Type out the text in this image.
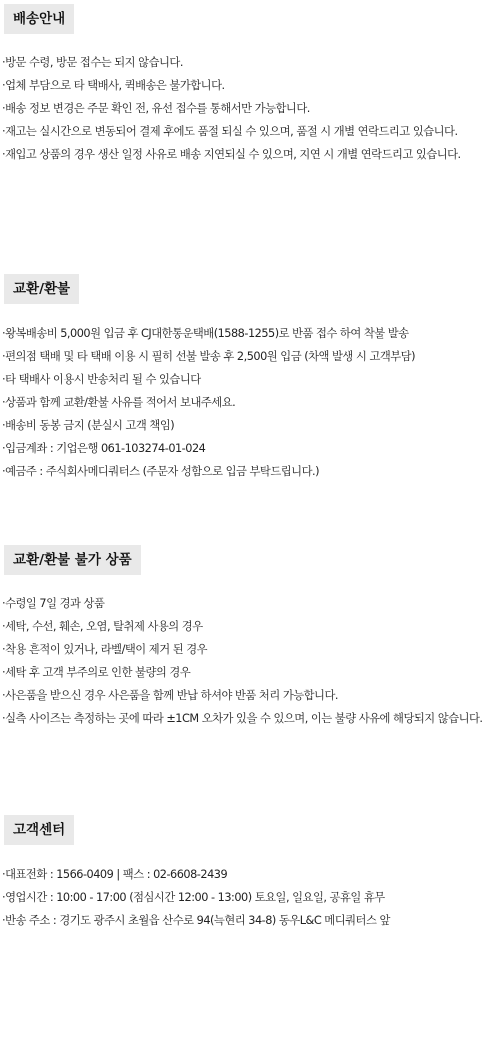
배송안내
·방문 수령, 방문 접수는 되지 않습니다.
·업체 부담으로 타 택배사, 퀵배송은 불가합니다.
·배송 정보 변경은 주문 확인 전, 유선 접수를 통해서만 가능합니다.
·재고는 실시간으로 변동되어 결제 후에도 품절 되실 수 있으며, 품절 시 개별 연락드리고 있습니다.
·재입고 상품의 경우 생산 일정 사유로 배송 지연되실 수 있으며, 지연 시 개별 연락드리고 있습니다.
교환/환불
·왕복배송비 5,000원 입금 후 CJ대한통운택배(1588-1255)로 반품 접수 하여 착불 발송
·편의점 택배 및 타 택배 이용 시 필히 선불 발송 후 2,500원 입금 (차액 발생 시 고객부담)
·타 택배사 이용시 반송처리 될 수 있습니다
·상품과 함께 교환/환불 사유를 적어서 보내주세요.
·배송비 동봉 금지 (분실시 고객 책임)
·입금계좌 : 기업은행 061-103274-01-024
·예금주 : 주식회사메디쿼터스 (주문자 성함으로 입금 부탁드립니다.)
교환/환불 불가 상품
·수령일 7일 경과 상품
·세탁, 수선, 훼손, 오염, 탈취제 사용의 경우
·착용 흔적이 있거나, 라벨/택이 제거 된 경우
·세탁 후 고객 부주의로 인한 불량의 경우
·사은품을 받으신 경우 사은품을 함께 반납 하셔야 반품 처리 가능합니다.
·실측 사이즈는 측정하는 곳에 따라 ±1CM 오차가 있을 수 있으며, 이는 불량 사유에 해당되지 않습니다.
고객센터
·대표전화 : 1566-0409 | 팩스 : 02-6608-2439
·영업시간 : 10:00 - 17:00 (점심시간 12:00 - 13:00) 토요일, 일요일, 공휴일 휴무
·반송 주소 : 경기도 광주시 초월읍 산수로 94(늑현리 34-8) 동우L&C 메디쿼터스 앞
